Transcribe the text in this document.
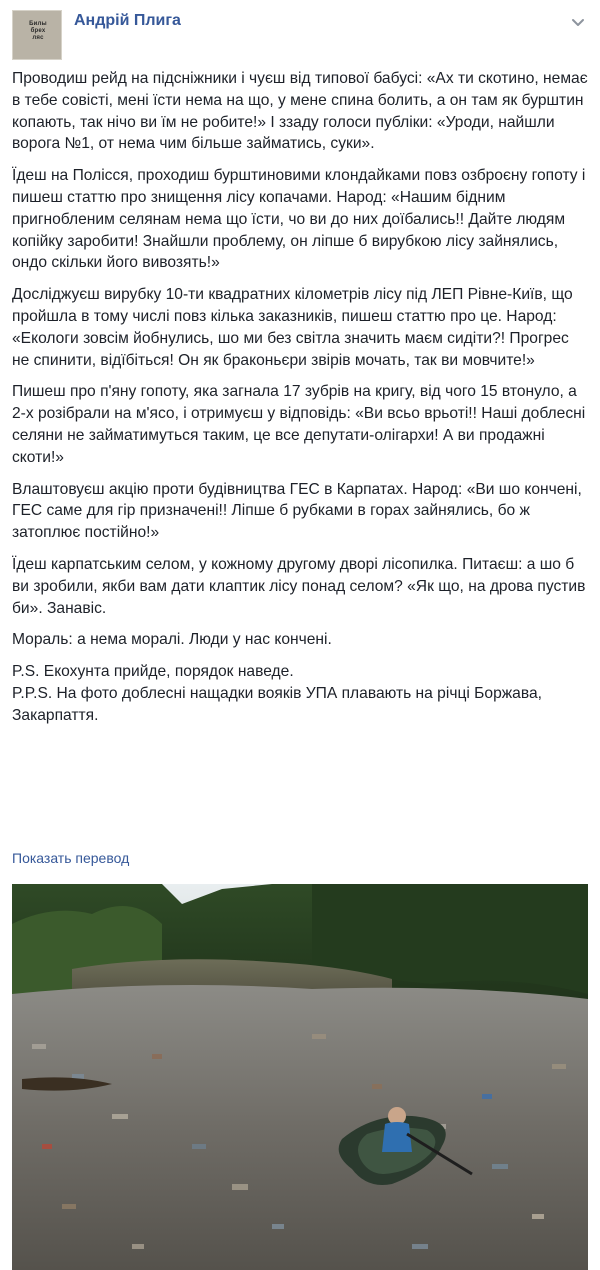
Билы
брех
ляс
Андрій Плига

Проводиш рейд на підсніжники і чуєш від типової бабусі: «Ах ти скотино, немає в тебе совісті, мені їсти нема на що, у мене спина болить, а он там як бурштин копають, так нічо ви їм не робите!» І ззаду голоси публіки: «Уроди, найшли ворога №1, от нема чим більше займатись, суки».

Їдеш на Полісся, проходиш бурштиновими клондайками повз озброєну гопоту і пишеш статтю про знищення лісу копачами. Народ: «Нашим бідним пригнобленим селянам нема що їсти, чо ви до них доїбались!! Дайте людям копійку заробити! Знайшли проблему, он ліпше б вирубкою лісу зайнялись, ондо скільки його вивозять!»

Досліджуєш вирубку 10-ти квадратних кілометрів лісу під ЛЕП Рівне-Київ, що пройшла в тому числі повз кілька заказників, пишеш статтю про це. Народ: «Екологи зовсім йобнулись, шо ми без світла значить маєм сидіти?! Прогрес не спинити, відїбіться! Он як браконьєри звірів мочать, так ви мовчите!»

Пишеш про п'яну гопоту, яка загнала 17 зубрів на кригу, від чого 15 втонуло, а 2-х розібрали на м'ясо, і отримуєш у відповідь: «Ви всьо врьоті!! Наші доблесні селяни не займатимуться таким, це все депутати-олігархи! А ви продажні скоти!»

Влаштовуєш акцію проти будівництва ГЕС в Карпатах. Народ: «Ви шо кончені, ГЕС саме для гір призначені!! Ліпше б рубками в горах зайнялись, бо ж затоплює постійно!»

Їдеш карпатським селом, у кожному другому дворі лісопилка. Питаєш: а шо б ви зробили, якби вам дати клаптик лісу понад селом? «Як що, на дрова пустив би». Занавіс.

Мораль: а нема моралі. Люди у нас кончені.

P.S. Екохунта прийде, порядок наведе.
P.P.S. На фото доблесні нащадки вояків УПА плавають на річці Боржава, Закарпаття.

Показать перевод
